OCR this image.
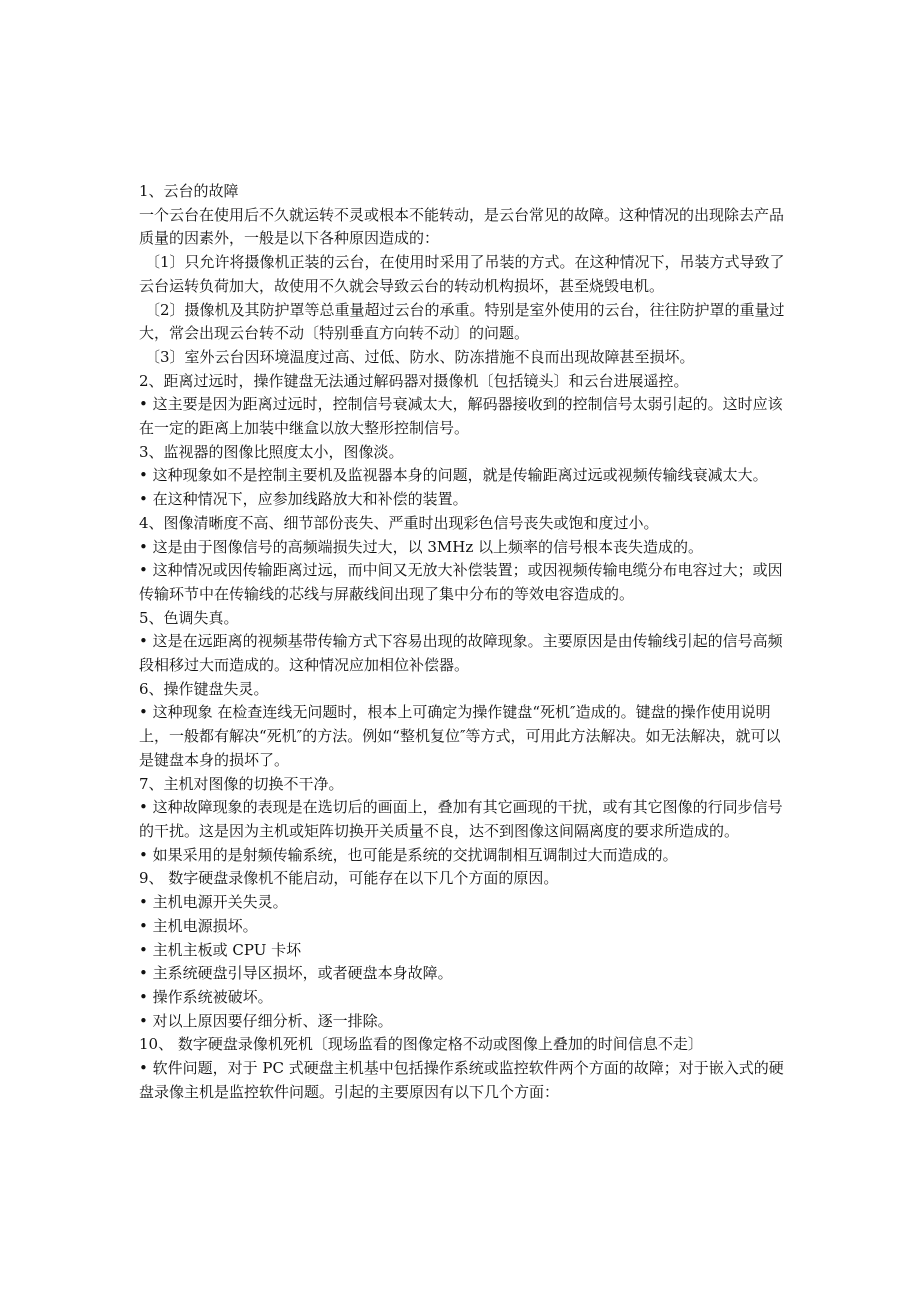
1、云台的故障

一个云台在使用后不久就运转不灵或根本不能转动，是云台常见的故障。这种情况的出现除去产品质量的因素外，一般是以下各种原因造成的：

〔1〕只允许将摄像机正装的云台，在使用时采用了吊装的方式。在这种情况下，吊装方式导致了云台运转负荷加大，故使用不久就会导致云台的转动机构损坏，甚至烧毁电机。

〔2〕摄像机及其防护罩等总重量超过云台的承重。特别是室外使用的云台，往往防护罩的重量过大，常会出现云台转不动〔特别垂直方向转不动〕的问题。

〔3〕室外云台因环境温度过高、过低、防水、防冻措施不良而出现故障甚至损坏。

2、距离过远时，操作键盘无法通过解码器对摄像机〔包括镜头〕和云台进展遥控。

• 这主要是因为距离过远时，控制信号衰减太大，解码器接收到的控制信号太弱引起的。这时应该在一定的距离上加装中继盒以放大整形控制信号。

3、监视器的图像比照度太小，图像淡。

• 这种现象如不是控制主要机及监视器本身的问题，就是传输距离过远或视频传输线衰减太大。

• 在这种情况下，应参加线路放大和补偿的装置。

4、图像清晰度不高、细节部份丧失、严重时出现彩色信号丧失或饱和度过小。

• 这是由于图像信号的高频端损失过大，以 3MHz 以上频率的信号根本丧失造成的。

• 这种情况或因传输距离过远，而中间又无放大补偿装置；或因视频传输电缆分布电容过大；或因传输环节中在传输线的芯线与屏蔽线间出现了集中分布的等效电容造成的。

5、色调失真。

• 这是在远距离的视频基带传输方式下容易出现的故障现象。主要原因是由传输线引起的信号高频段相移过大而造成的。这种情况应加相位补偿器。

6、操作键盘失灵。

• 这种现象 在检查连线无问题时，根本上可确定为操作键盘“死机″造成的。键盘的操作使用说明上，一般都有解决“死机″的方法。例如“整机复位″等方式，可用此方法解决。如无法解决，就可以是键盘本身的损坏了。

7、主机对图像的切换不干净。

• 这种故障现象的表现是在选切后的画面上，叠加有其它画现的干扰，或有其它图像的行同步信号的干扰。这是因为主机或矩阵切换开关质量不良，达不到图像这间隔离度的要求所造成的。

• 如果采用的是射频传输系统，也可能是系统的交扰调制相互调制过大而造成的。

9、 数字硬盘录像机不能启动，可能存在以下几个方面的原因。

• 主机电源开关失灵。

• 主机电源损坏。

• 主机主板或 CPU 卡坏

• 主系统硬盘引导区损坏，或者硬盘本身故障。

• 操作系统被破坏。

• 对以上原因要仔细分析、逐一排除。

10、 数字硬盘录像机死机〔现场监看的图像定格不动或图像上叠加的时间信息不走〕

• 软件问题，对于 PC 式硬盘主机基中包括操作系统或监控软件两个方面的故障；对于嵌入式的硬盘录像主机是监控软件问题。引起的主要原因有以下几个方面：
